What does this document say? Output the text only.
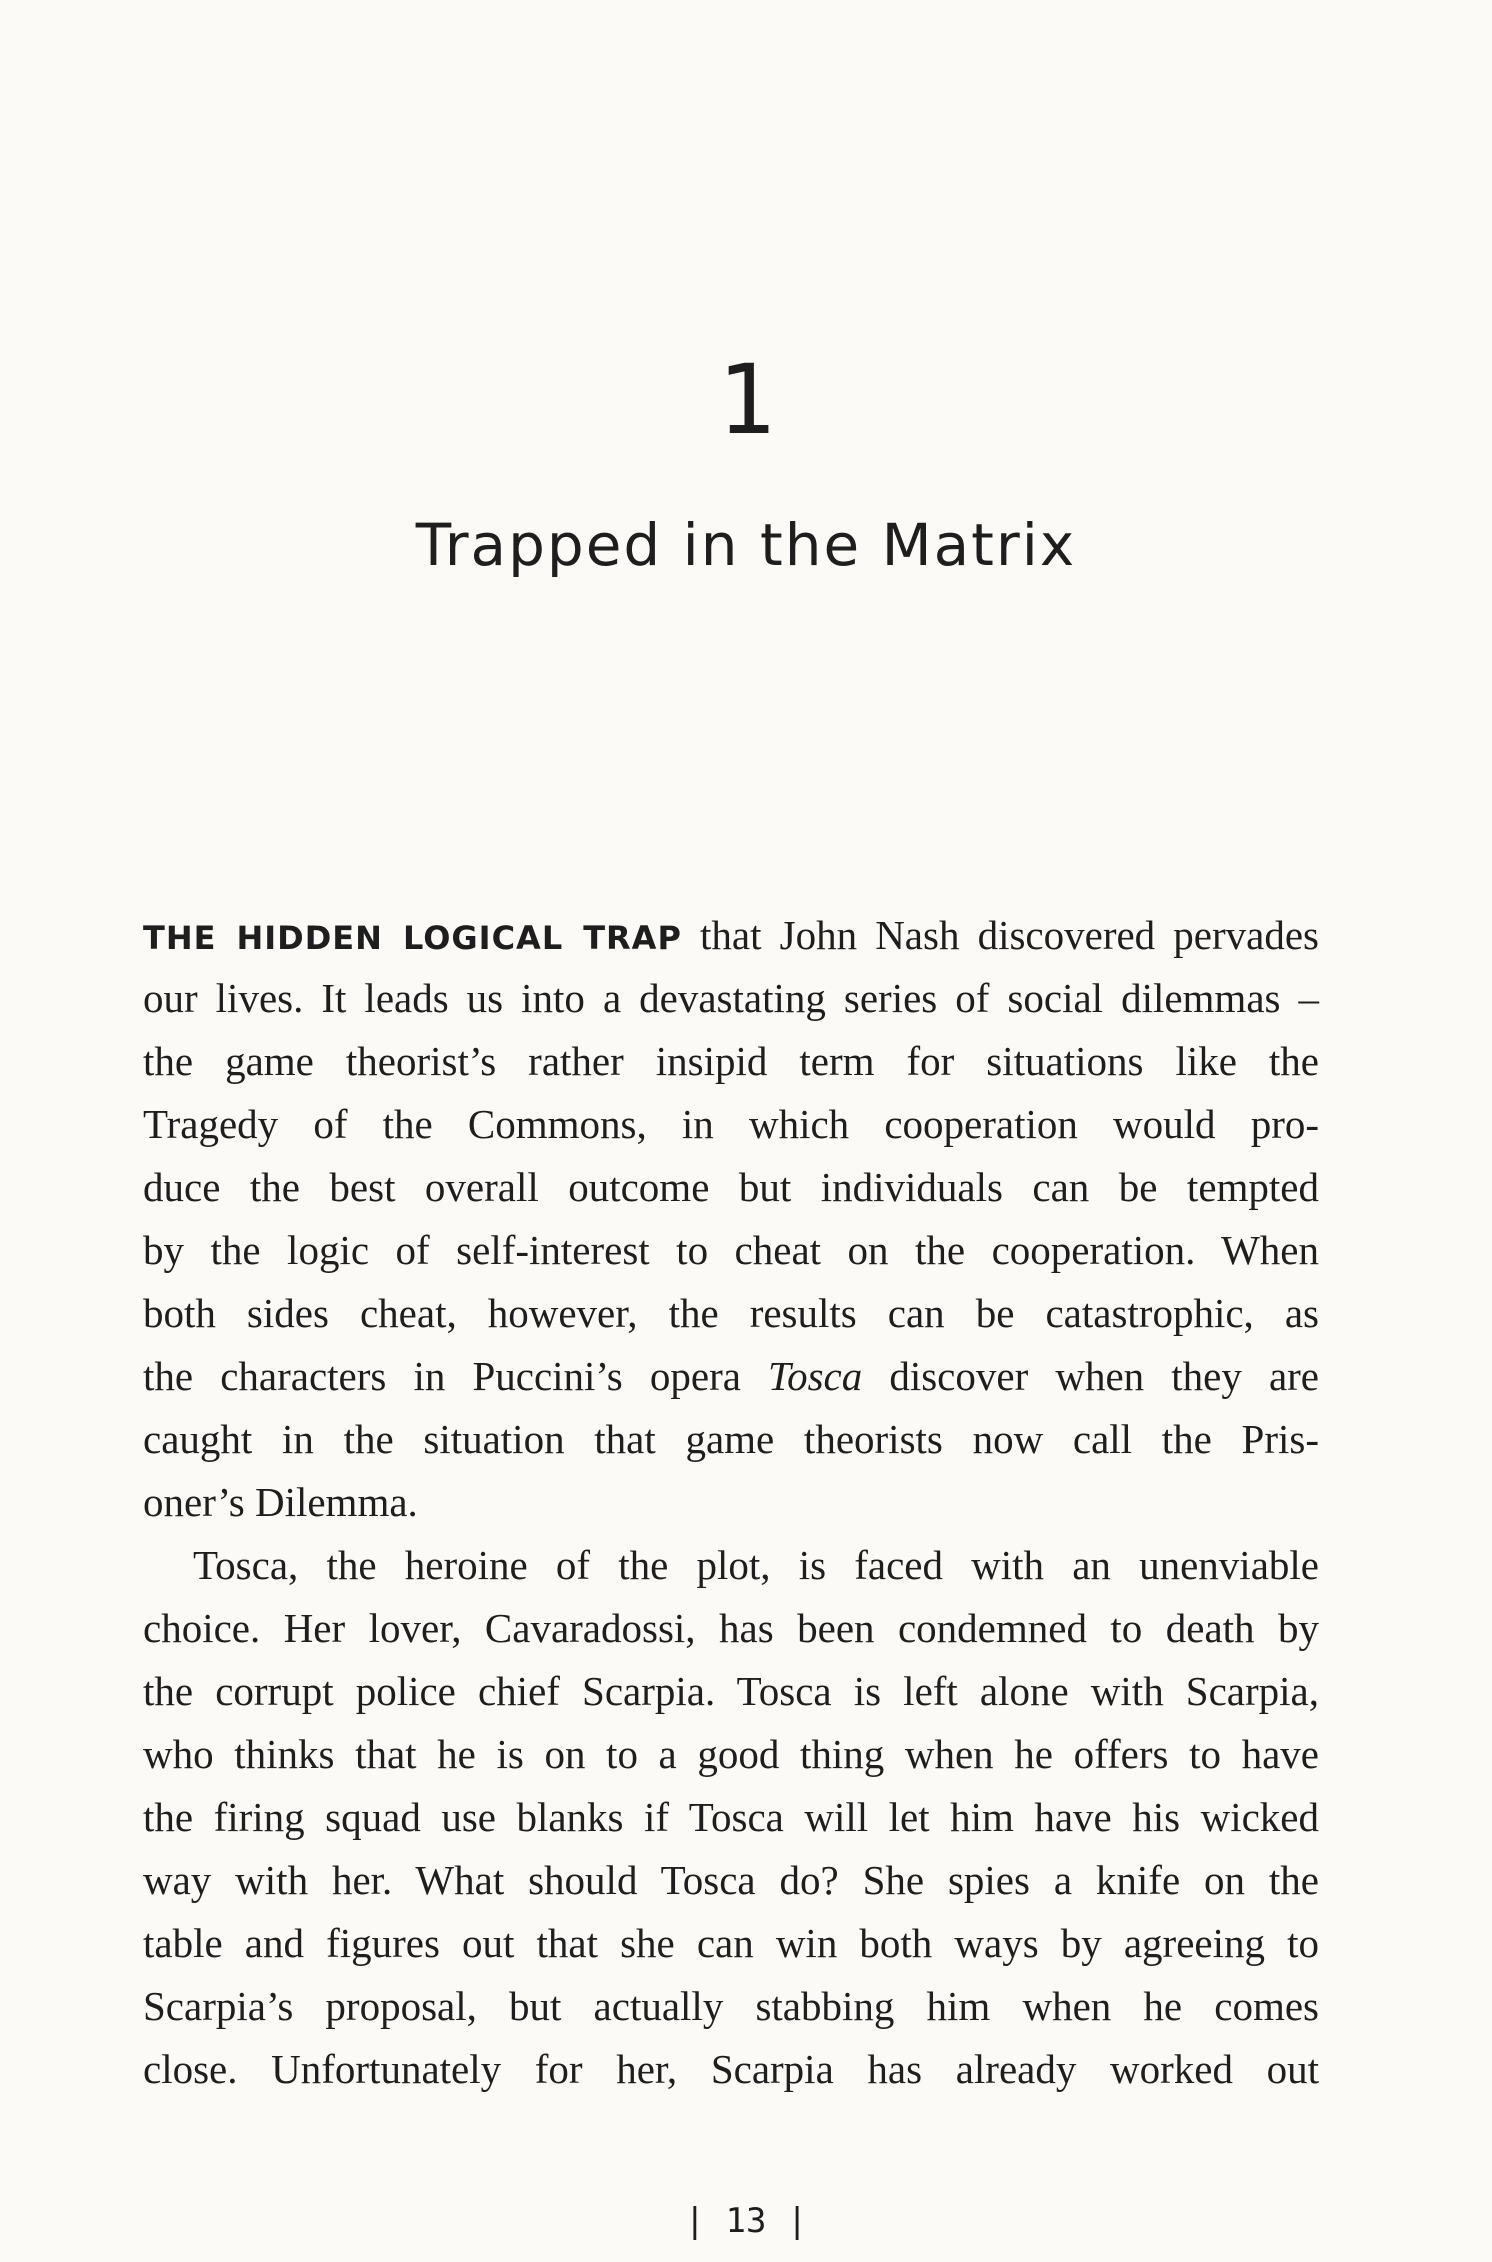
1
Trapped in the Matrix
THE HIDDEN LOGICAL TRAP that John Nash discovered pervades
our lives. It leads us into a devastating series of social dilemmas –
the game theorist’s rather insipid term for situations like the
Tragedy of the Commons, in which cooperation would pro-
duce the best overall outcome but individuals can be tempted
by the logic of self-interest to cheat on the cooperation. When
both sides cheat, however, the results can be catastrophic, as
the characters in Puccini’s opera Tosca discover when they are
caught in the situation that game theorists now call the Pris-
oner’s Dilemma.
Tosca, the heroine of the plot, is faced with an unenviable
choice. Her lover, Cavaradossi, has been condemned to death by
the corrupt police chief Scarpia. Tosca is left alone with Scarpia,
who thinks that he is on to a good thing when he offers to have
the firing squad use blanks if Tosca will let him have his wicked
way with her. What should Tosca do? She spies a knife on the
table and figures out that she can win both ways by agreeing to
Scarpia’s proposal, but actually stabbing him when he comes
close. Unfortunately for her, Scarpia has already worked out
| 13 |
